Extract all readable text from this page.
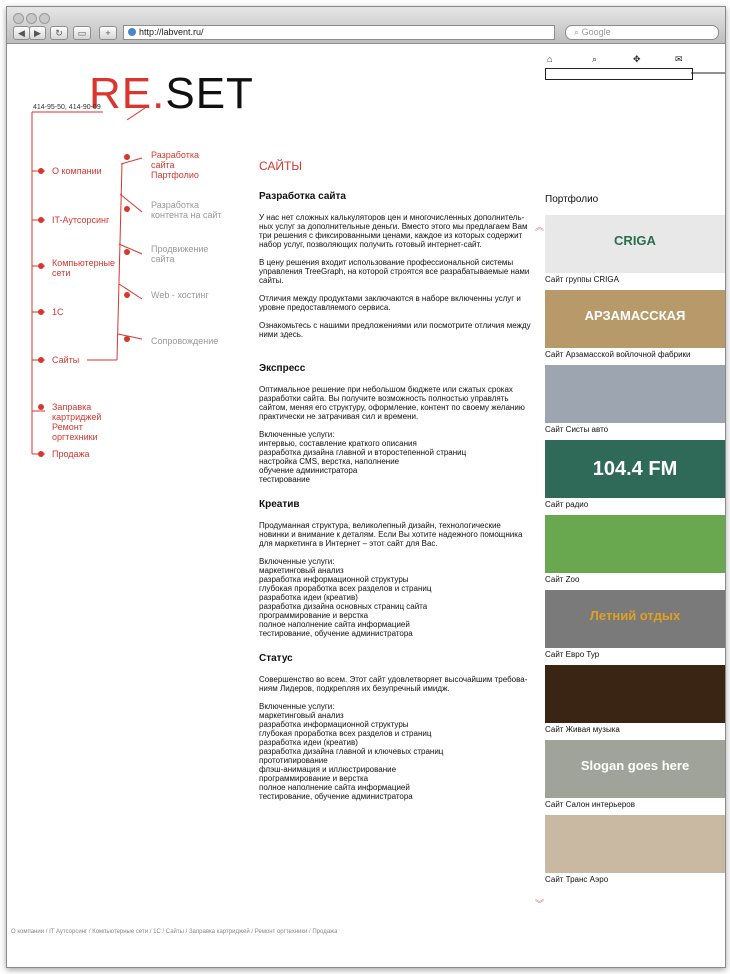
◀	▶	↻	▭	+	http://labvent.ru/	⌕ Google
RE.SET
414-95-50, 414-90-09
О компании
IT-Аутсорсинг
Компьютерные сети
1С
Сайты
Заправка картриджей Ремонт оргтехники
Продажа
Разработка сайта Партфолио
Разработка контента на сайт
Продвижение сайта
Web - хостинг
Сопровождение
⌂	⌕	✥	✉
САЙТЫ
Разработка сайта

У нас нет сложных калькуляторов цен и многочисленных дополнитель-ных услуг за дополнительные деньги. Вместо этого мы предлагаем Вам три решения с фиксированными ценами, каждое из которых содержит набор услуг, позволяющих получить готовый интернет-сайт.

В цену решения входит использование профессиональной системы управления TreeGraph, на которой строятся все разрабатываемые нами сайты.

Отличия между продуктами заключаются в наборе включенны услуг и уровне предоставляемого сервиса.

Ознакомьтесь с нашими предложениями или посмотрите отличия между ними здесь.

Экспресс

Оптимальное решение при небольшом бюджете или сжатых сроках разработки сайта. Вы получите возможность полностью управлять сайтом, меняя его структуру, оформление, контент по своему желанию практически не затрачивая сил и времени.

Включенные услуги:
интервью, составление краткого описания
разработка дизайна главной и второстепенной страниц
настройка CMS, верстка, наполнение
обучение администратора
тестирование
Креатив

Продуманная структура, великолепный дизайн, технологические новинки и внимание к деталям. Если Вы хотите надежного помощника для маркетинга в Интернет – этот сайт для Вас.

Включенные услуги:
маркетинговый анализ
разработка информационной структуры
глубокая проработка всех разделов и страниц
разработка идеи (креатив)
разработка дизайна основных страниц сайта
программирование и верстка
полное наполнение сайта информацией
тестирование, обучение администратора
Статус

Совершенство во всем. Этот сайт удовлетворяет высочайшим требова-ниям Лидеров, подкрепляя их безупречный имидж.

Включенные услуги:
маркетинговый анализ
разработка информационной структуры
глубокая проработка всех разделов и страниц
разработка идеи (креатив)
разработка дизайна главной и ключевых страниц
прототипирование
флэш-анимация и иллюстрирование
программирование и верстка
полное наполнение сайта информацией
тестирование, обучение администратора
Портфолио
CRIGA
Сайт группы CRIGA
АРЗАМАССКАЯ
Сайт Арзамасской войлочной фабрики
Сайт Систы авто
104.4 FM
Сайт радио
Сайт Zoo
Летний отдых
Сайт Евро Тур
Сайт Живая музыка
Slogan goes here
Сайт Салон интерьеров
Сайт Транс Аэро
︽
︾
О компании / IT Аутсорсинг / Компьютерные сети / 1С / Сайты / Заправка картриджей / Ремонт оргтехники / Продажа
